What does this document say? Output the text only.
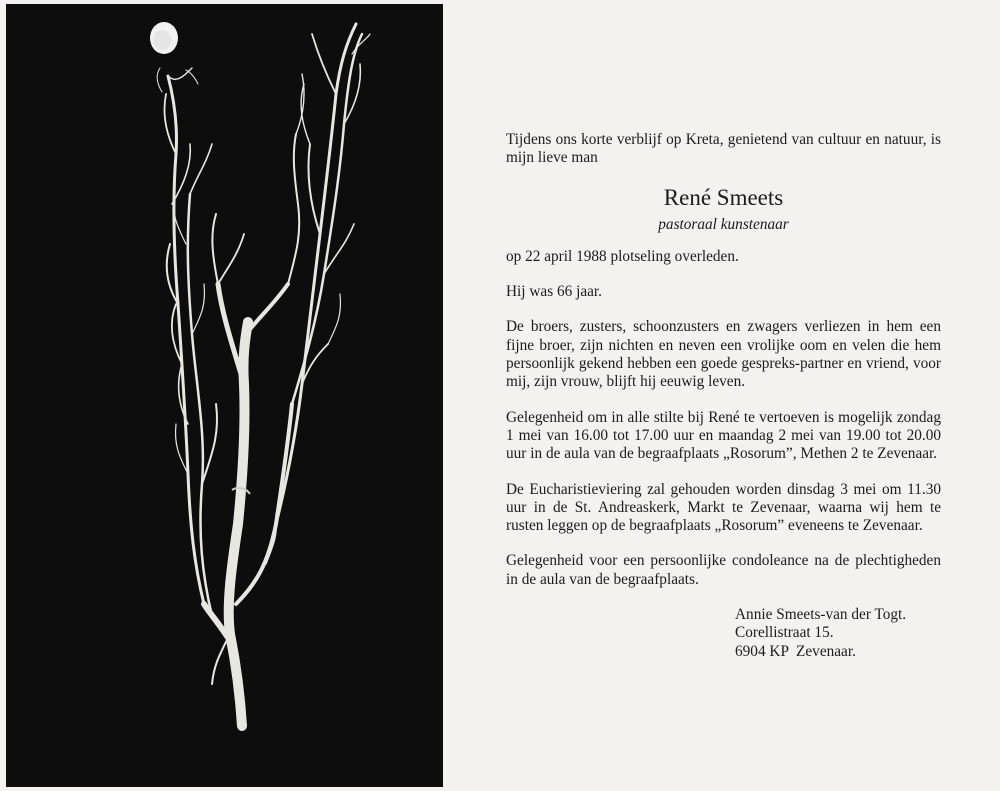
Tijdens ons korte verblijf op Kreta, genietend van cultuur en natuur, is mijn lieve man

René Smeets

pastoraal kunstenaar

op 22 april 1988 plotseling overleden.

Hij was 66 jaar.

De broers, zusters, schoonzusters en zwagers verliezen in hem een fijne broer, zijn nichten en neven een vrolijke oom en velen die hem persoonlijk gekend hebben een goede gespreks-partner en vriend, voor mij, zijn vrouw, blijft hij eeuwig leven.

Gelegenheid om in alle stilte bij René te vertoeven is mogelijk zondag 1 mei van 16.00 tot 17.00 uur en maandag 2 mei van 19.00 tot 20.00 uur in de aula van de begraafplaats „Rosorum”, Methen 2 te Zevenaar.

De Eucharistieviering zal gehouden worden dinsdag 3 mei om 11.30 uur in de St. Andreaskerk, Markt te Zevenaar, waarna wij hem te rusten leggen op de begraafplaats „Rosorum” eveneens te Zevenaar.

Gelegenheid voor een persoonlijke condoleance na de plechtigheden in de aula van de begraafplaats.

Annie Smeets-van der Togt.
Corellistraat 15.
6904 KP  Zevenaar.
